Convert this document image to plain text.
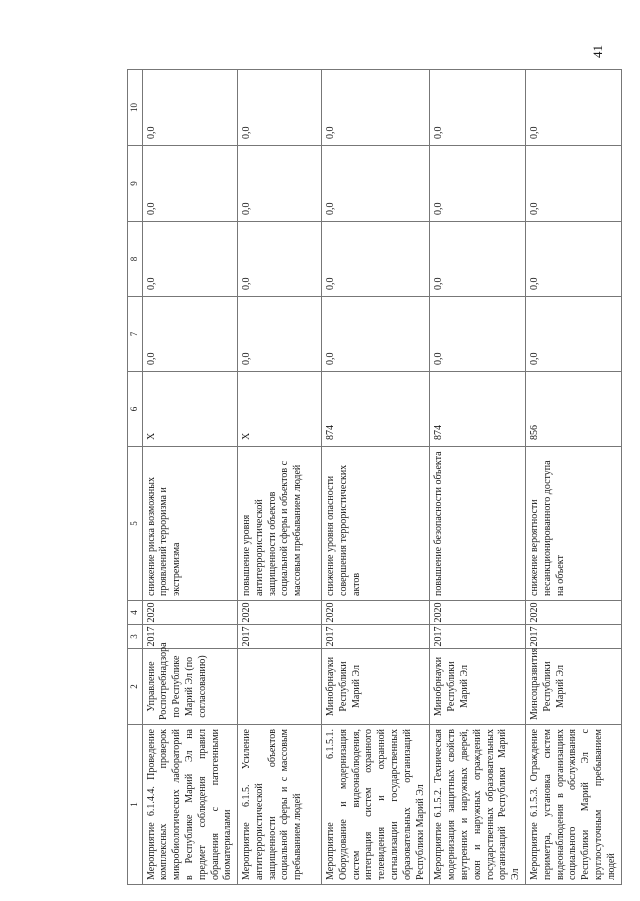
41
1	2	3	4	5	6	7	8	9	10
Мероприятие 6.1.4.4. Проведение комплексных проверок микробиологических лабораторий в Республике Марий Эл на предмет соблюдения правил обращения с патогенными биоматериалами	Управление Роспотребнадзора по Республике Марий Эл (по согласованию)	2017	2020	снижение риска возможных проявлений терроризма и экстремизма	X	0,0	0,0	0,0	0,0
Мероприятие 6.1.5. Усиление антитеррористической защищенности объектов социальной сферы и с массовым пребыванием людей		2017	2020	повышение уровня антитеррористической защищенности объектов социальной сферы и объектов с массовым пребыванием людей	X	0,0	0,0	0,0	0,0
Мероприятие 6.1.5.1. Оборудование и модернизация систем видеонаблюдения, интеграция систем охранного телевидения и охранной сигнализации государственных образовательных организаций Республики Марий Эл	Минобрнауки Республики Марий Эл	2017	2020	снижение уровня опасности совершения террористических актов	874	0,0	0,0	0,0	0,0
Мероприятие 6.1.5.2. Техническая модернизация защитных свойств внутренних и наружных дверей, окон и наружных ограждений государственных образовательных организаций Республики Марий Эл	Минобрнауки Республики Марий Эл	2017	2020	повышение безопасности объекта	874	0,0	0,0	0,0	0,0
Мероприятие 6.1.5.3. Ограждение периметра, установка систем видеонаблюдения в организациях социального обслуживания Республики Марий Эл с круглосуточным пребыванием людей	Минсоцразвития Республики Марий Эл	2017	2020	снижение вероятности несанкционированного доступа на объект	856	0,0	0,0	0,0	0,0
